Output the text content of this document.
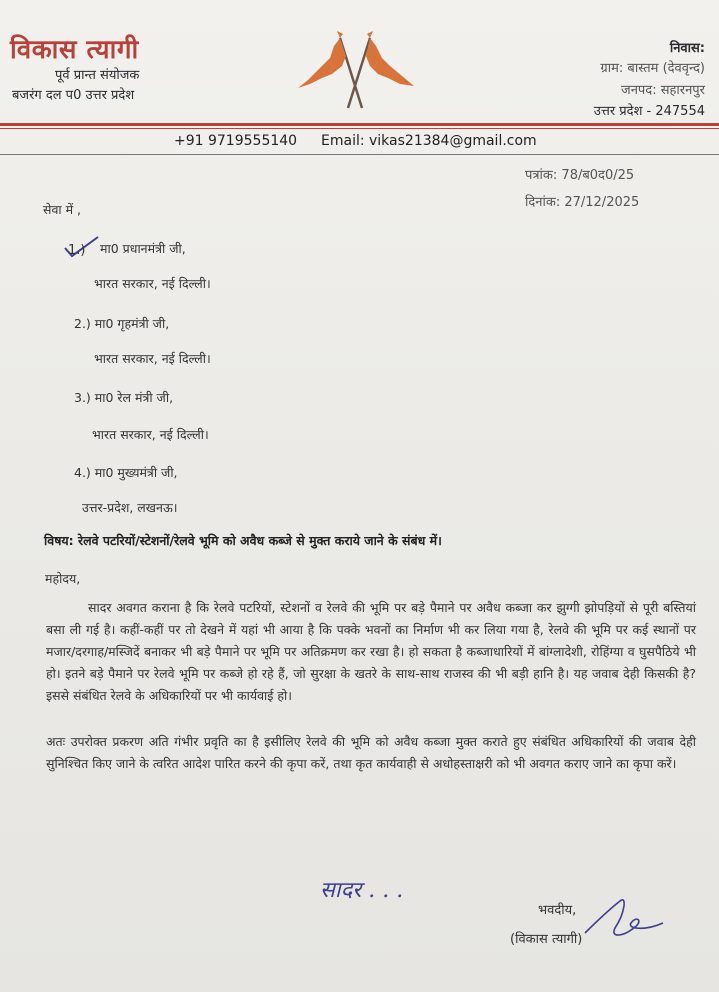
विकास त्यागी
पूर्व प्रान्त संयोजक
बजरंग दल प0 उत्तर प्रदेश
निवास:
ग्राम: बास्तम (देववृन्द)
जनपद: सहारनपुर
उत्तर प्रदेश - 247554
+91 9719555140 Email: vikas21384@gmail.com
पत्रांक: 78/ब0द0/25
दिनांक: 27/12/2025
सेवा में ,
1.) मा0 प्रधानमंत्री जी,
भारत सरकार, नई दिल्ली।
2.) मा0 गृहमंत्री जी,
भारत सरकार, नई दिल्ली।
3.) मा0 रेल मंत्री जी,
भारत सरकार, नई दिल्ली।
4.) मा0 मुख्यमंत्री जी,
उत्तर-प्रदेश, लखनऊ।
विषय: रेलवे पटरियों/स्टेशनों/रेलवे भूमि को अवैध कब्जे से मुक्त कराये जाने के संबंध में।
महोदय,
सादर अवगत कराना है कि रेलवे पटरियों, स्टेशनों व रेलवे की भूमि पर बड़े पैमाने पर अवैध कब्जा कर झुग्गी झोपड़ियों से पूरी बस्तियां बसा ली गई है। कहीं-कहीं पर तो देखने में यहां भी आया है कि पक्के भवनों का निर्माण भी कर लिया गया है, रेलवे की भूमि पर कई स्थानों पर मजार/दरगाह/मस्जिदें बनाकर भी बड़े पैमाने पर भूमि पर अतिक्रमण कर रखा है। हो सकता है कब्जाधारियों में बांग्लादेशी, रोहिंग्या व घुसपैठिये भी हो। इतने बड़े पैमाने पर रेलवे भूमि पर कब्जे हो रहे हैं, जो सुरक्षा के खतरे के साथ-साथ राजस्व की भी बड़ी हानि है। यह जवाब देही किसकी है? इससे संबंधित रेलवे के अधिकारियों पर भी कार्यवाई हो।
अतः उपरोक्त प्रकरण अति गंभीर प्रवृति का है इसीलिए रेलवे की भूमि को अवैध कब्जा मुक्त कराते हुए संबंधित अधिकारियों की जवाब देही सुनिश्चित किए जाने के त्वरित आदेश पारित करने की कृपा करें, तथा कृत कार्यवाही से अधोहस्ताक्षरी को भी अवगत कराए जाने का कृपा करें।
सादर . . .
भवदीय,
(विकास त्यागी)
